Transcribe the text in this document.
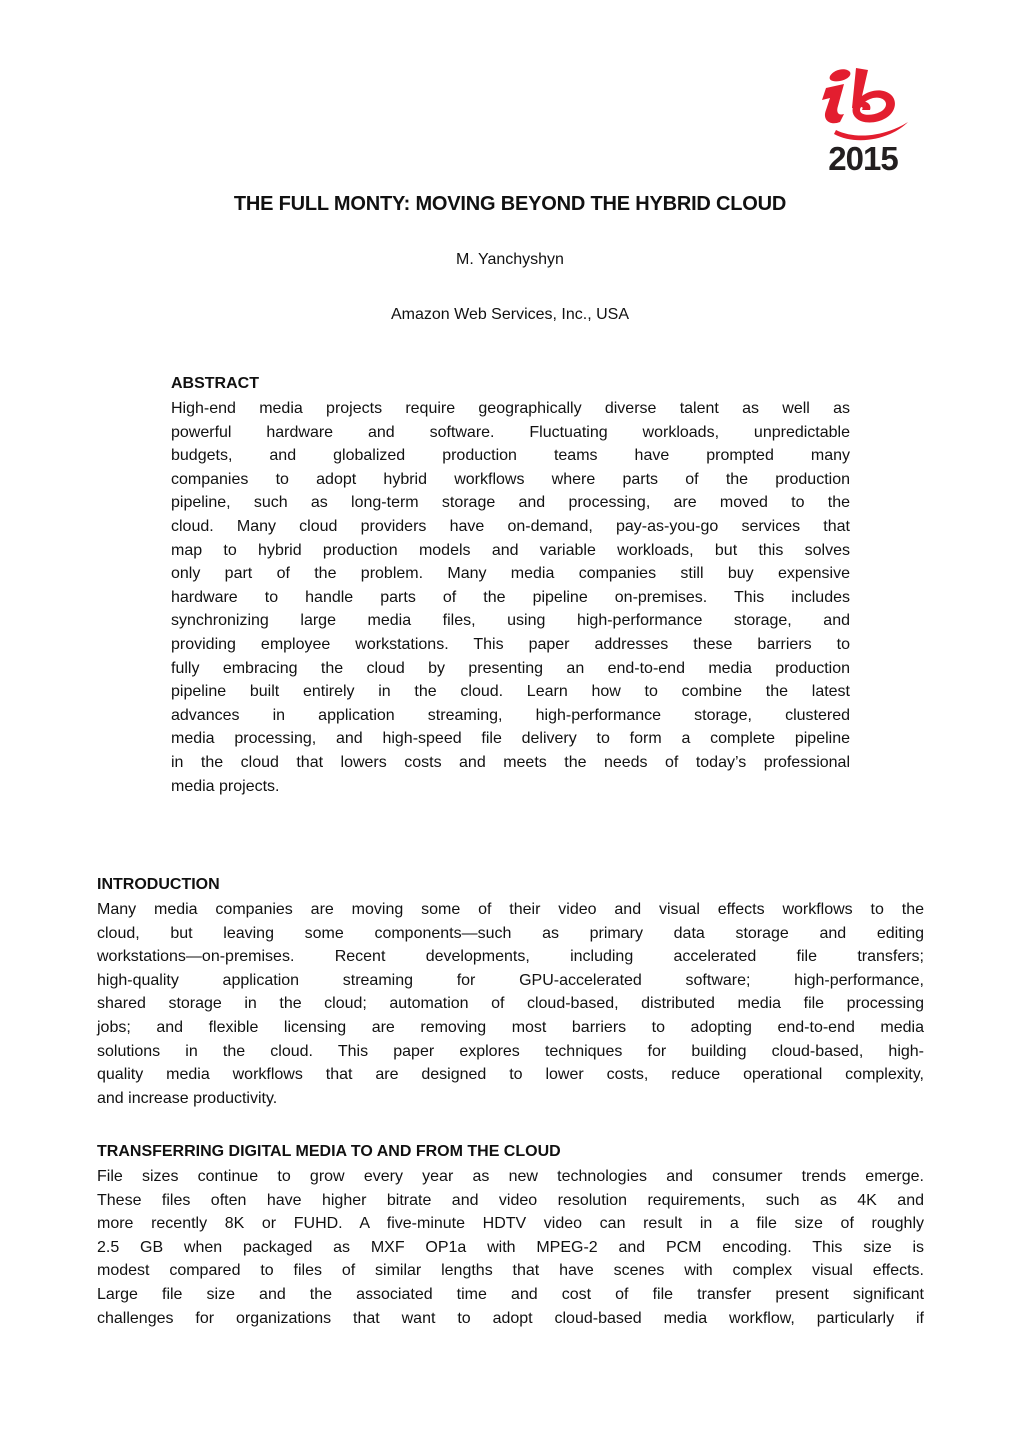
2015
THE FULL MONTY: MOVING BEYOND THE HYBRID CLOUD
M. Yanchyshyn
Amazon Web Services, Inc., USA
ABSTRACT
High-end media projects require geographically diverse talent as well as
powerful hardware and software. Fluctuating workloads, unpredictable
budgets, and globalized production teams have prompted many
companies to adopt hybrid workflows where parts of the production
pipeline, such as long-term storage and processing, are moved to the
cloud. Many cloud providers have on-demand, pay-as-you-go services that
map to hybrid production models and variable workloads, but this solves
only part of the problem. Many media companies still buy expensive
hardware to handle parts of the pipeline on-premises. This includes
synchronizing large media files, using high-performance storage, and
providing employee workstations. This paper addresses these barriers to
fully embracing the cloud by presenting an end-to-end media production
pipeline built entirely in the cloud. Learn how to combine the latest
advances in application streaming, high-performance storage, clustered
media processing, and high-speed file delivery to form a complete pipeline
in the cloud that lowers costs and meets the needs of today’s professional
media projects.
INTRODUCTION
Many media companies are moving some of their video and visual effects workflows to the
cloud, but leaving some components—such as primary data storage and editing
workstations—on-premises. Recent developments, including accelerated file transfers;
high-quality application streaming for GPU-accelerated software; high-performance,
shared storage in the cloud; automation of cloud-based, distributed media file processing
jobs; and flexible licensing are removing most barriers to adopting end-to-end media
solutions in the cloud. This paper explores techniques for building cloud-based, high-
quality media workflows that are designed to lower costs, reduce operational complexity,
and increase productivity.
TRANSFERRING DIGITAL MEDIA TO AND FROM THE CLOUD
File sizes continue to grow every year as new technologies and consumer trends emerge.
These files often have higher bitrate and video resolution requirements, such as 4K and
more recently 8K or FUHD. A five-minute HDTV video can result in a file size of roughly
2.5 GB when packaged as MXF OP1a with MPEG-2 and PCM encoding. This size is
modest compared to files of similar lengths that have scenes with complex visual effects.
Large file size and the associated time and cost of file transfer present significant
challenges for organizations that want to adopt cloud-based media workflow, particularly if
